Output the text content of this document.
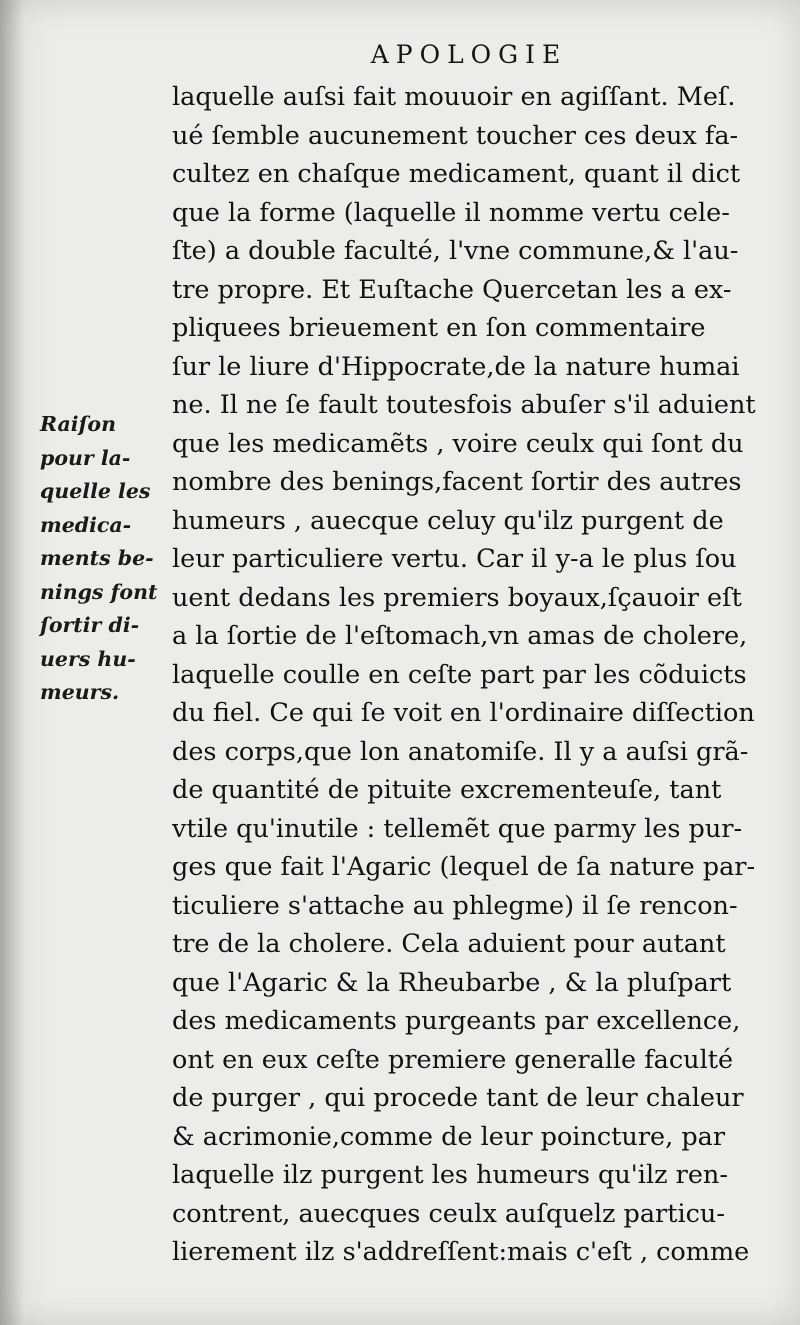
APOLOGIE
Raiſon
pour la-
quelle les
medica-
ments be-
nings font
ſortir di-
uers hu-
meurs.
laquelle auſsi fait mouuoir en agiſſant. Meſ.
ué ſemble aucunement toucher ces deux fa-
cultez en chaſque medicament, quant il dict
que la forme (laquelle il nomme vertu cele-
ſte) a double faculté, l'vne commune,& l'au-
tre propre. Et Euſtache Quercetan les a ex-
pliquees brieuement en ſon commentaire
ſur le liure d'Hippocrate,de la nature humai
ne. Il ne ſe fault toutesfois abuſer s'il aduient
que les medicamẽts , voire ceulx qui ſont du
nombre des benings,facent ſortir des autres
humeurs , auecque celuy qu'ilz purgent de
leur particuliere vertu. Car il y-a le plus ſou
uent dedans les premiers boyaux,ſçauoir eſt
a la ſortie de l'eſtomach,vn amas de cholere,
laquelle coulle en ceſte part par les cõduicts
du fiel. Ce qui ſe voit en l'ordinaire diſſection
des corps,que lon anatomiſe. Il y a auſsi grã-
de quantité de pituite excrementeuſe, tant
vtile qu'inutile : tellemẽt que parmy les pur-
ges que fait l'Agaric (lequel de ſa nature par-
ticuliere s'attache au phlegme) il ſe rencon-
tre de la cholere. Cela aduient pour autant
que l'Agaric & la Rheubarbe , & la pluſpart
des medicaments purgeants par excellence,
ont en eux ceſte premiere generalle faculté
de purger , qui procede tant de leur chaleur
& acrimonie,comme de leur poincture, par
laquelle ilz purgent les humeurs qu'ilz ren-
contrent, auecques ceulx auſquelz particu-
lierement ilz s'addreſſent:mais c'eſt , comme
